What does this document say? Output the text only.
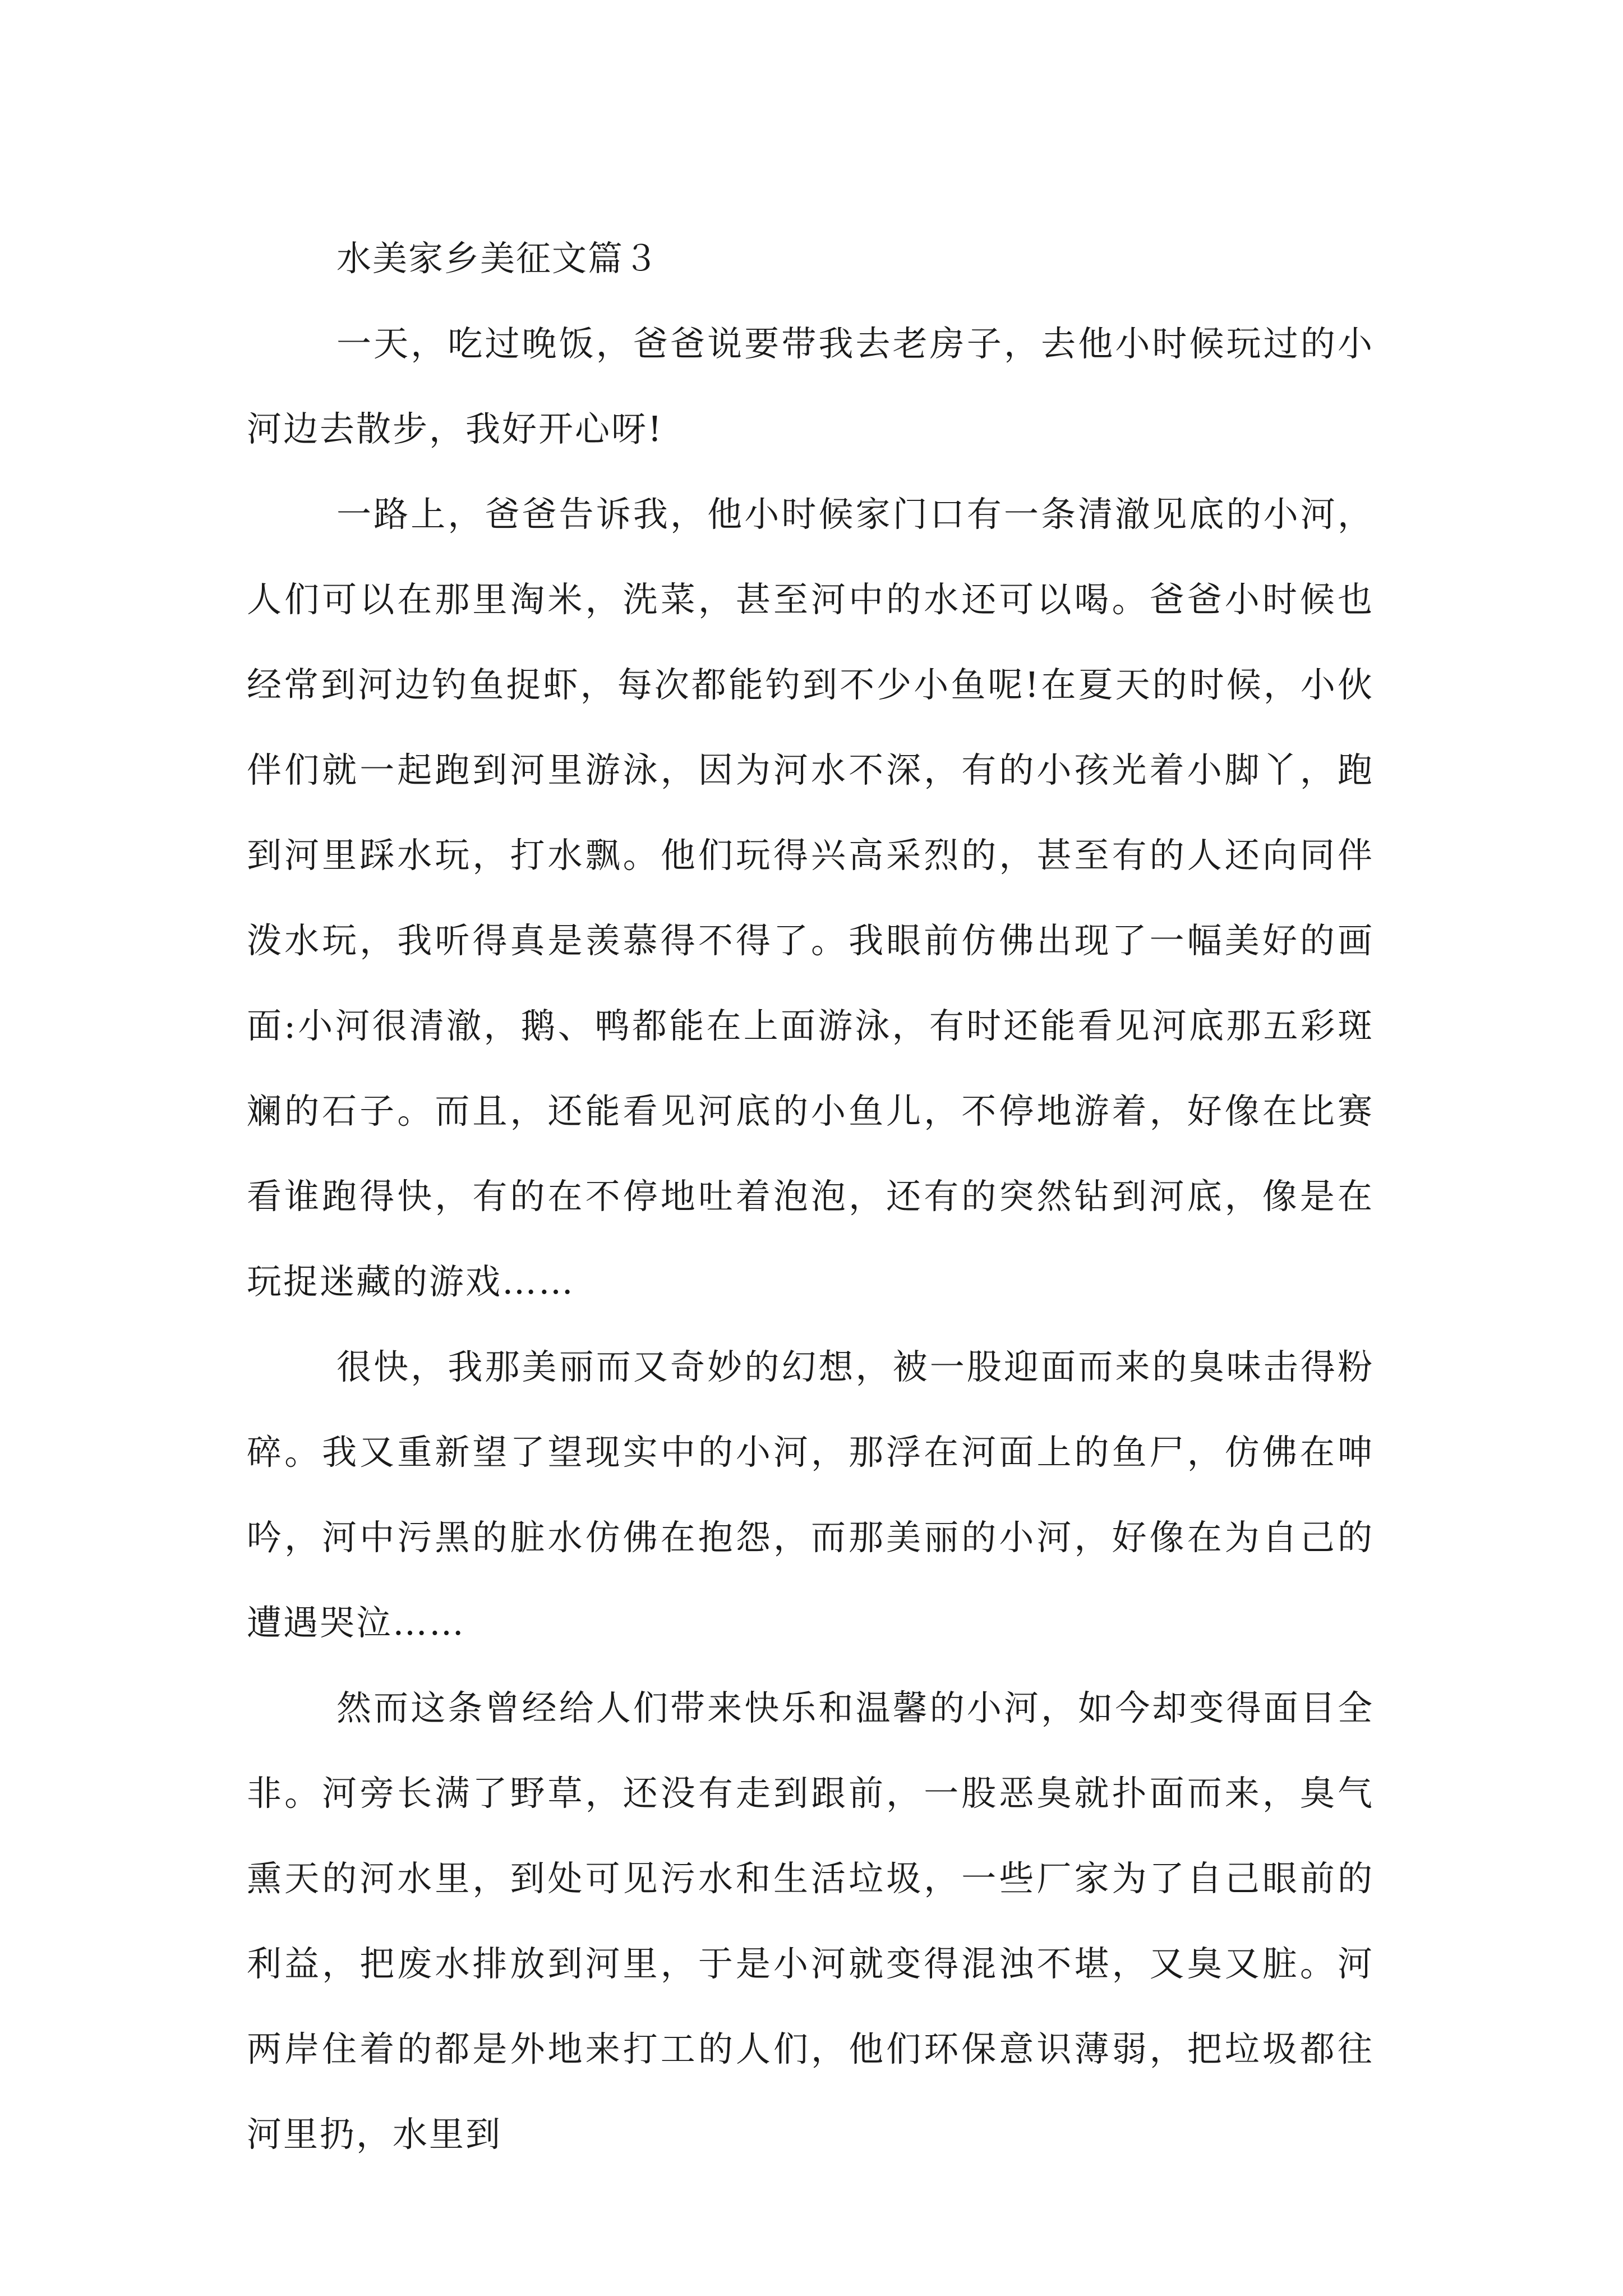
水美家乡美征文篇３

一天，吃过晚饭，爸爸说要带我去老房子，去他小时候玩过的小河边去散步，我好开心呀!

一路上，爸爸告诉我，他小时候家门口有一条清澈见底的小河，人们可以在那里淘米，洗菜，甚至河中的水还可以喝。爸爸小时候也经常到河边钓鱼捉虾，每次都能钓到不少小鱼呢!在夏天的时候，小伙伴们就一起跑到河里游泳，因为河水不深，有的小孩光着小脚丫，跑到河里踩水玩，打水飘。他们玩得兴高采烈的，甚至有的人还向同伴泼水玩，我听得真是羡慕得不得了。我眼前仿佛出现了一幅美好的画面:小河很清澈，鹅、鸭都能在上面游泳，有时还能看见河底那五彩斑斓的石子。而且，还能看见河底的小鱼儿，不停地游着，好像在比赛看谁跑得快，有的在不停地吐着泡泡，还有的突然钻到河底，像是在玩捉迷藏的游戏……

很快，我那美丽而又奇妙的幻想，被一股迎面而来的臭味击得粉碎。我又重新望了望现实中的小河，那浮在河面上的鱼尸，仿佛在呻吟，河中污黑的脏水仿佛在抱怨，而那美丽的小河，好像在为自己的遭遇哭泣……

然而这条曾经给人们带来快乐和温馨的小河，如今却变得面目全非。河旁长满了野草，还没有走到跟前，一股恶臭就扑面而来，臭气熏天的河水里，到处可见污水和生活垃圾，一些厂家为了自己眼前的利益，把废水排放到河里，于是小河就变得混浊不堪，又臭又脏。河两岸住着的都是外地来打工的人们，他们环保意识薄弱，把垃圾都往河里扔，水里到
